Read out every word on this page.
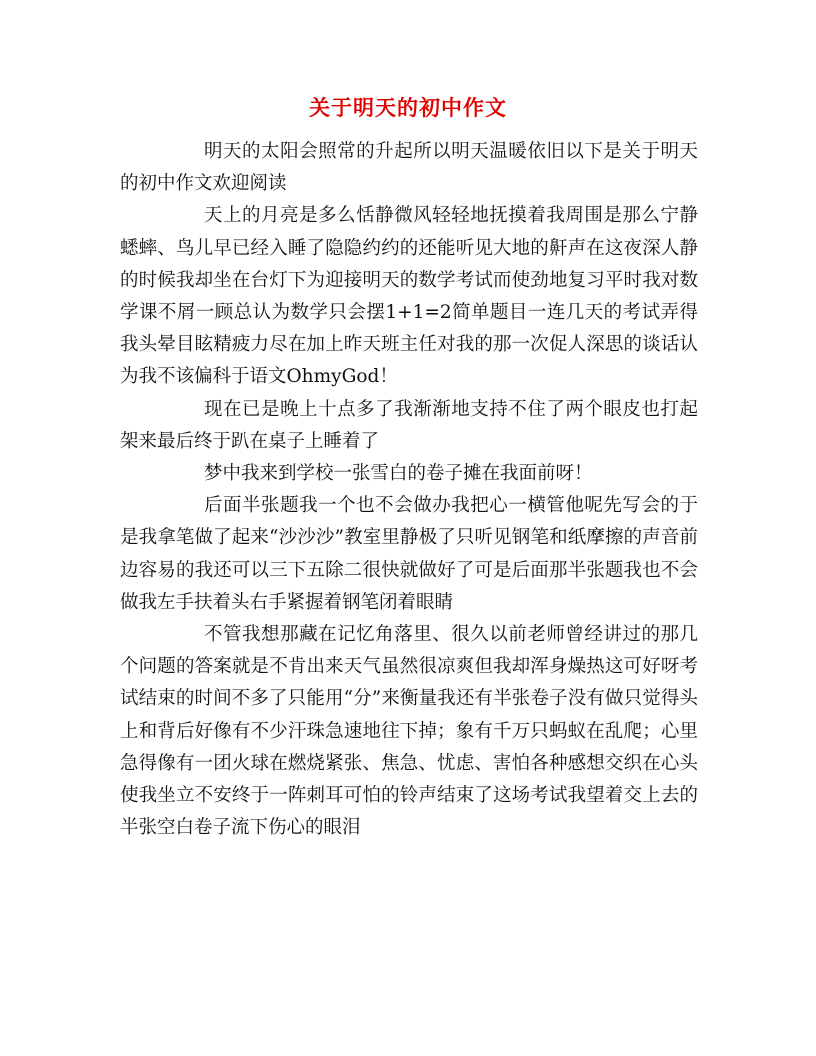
关于明天的初中作文

明天的太阳会照常的升起所以明天温暖依旧以下是关于明天的初中作文欢迎阅读

天上的月亮是多么恬静微风轻轻地抚摸着我周围是那么宁静蟋蟀、鸟儿早已经入睡了隐隐约约的还能听见大地的鼾声在这夜深人静的时候我却坐在台灯下为迎接明天的数学考试而使劲地复习平时我对数学课不屑一顾总认为数学只会摆1+1=2简单题目一连几天的考试弄得我头晕目眩精疲力尽在加上昨天班主任对我的那一次促人深思的谈话认为我不该偏科于语文OhmyGod！

现在已是晚上十点多了我渐渐地支持不住了两个眼皮也打起架来最后终于趴在桌子上睡着了

梦中我来到学校一张雪白的卷子摊在我面前呀！

后面半张题我一个也不会做办我把心一横管他呢先写会的于是我拿笔做了起来“沙沙沙”教室里静极了只听见钢笔和纸摩擦的声音前边容易的我还可以三下五除二很快就做好了可是后面那半张题我也不会做我左手扶着头右手紧握着钢笔闭着眼睛

不管我想那藏在记忆角落里、很久以前老师曾经讲过的那几个问题的答案就是不肯出来天气虽然很凉爽但我却浑身燥热这可好呀考试结束的时间不多了只能用“分”来衡量我还有半张卷子没有做只觉得头上和背后好像有不少汗珠急速地往下掉；象有千万只蚂蚁在乱爬；心里急得像有一团火球在燃烧紧张、焦急、忧虑、害怕各种感想交织在心头使我坐立不安终于一阵刺耳可怕的铃声结束了这场考试我望着交上去的半张空白卷子流下伤心的眼泪
